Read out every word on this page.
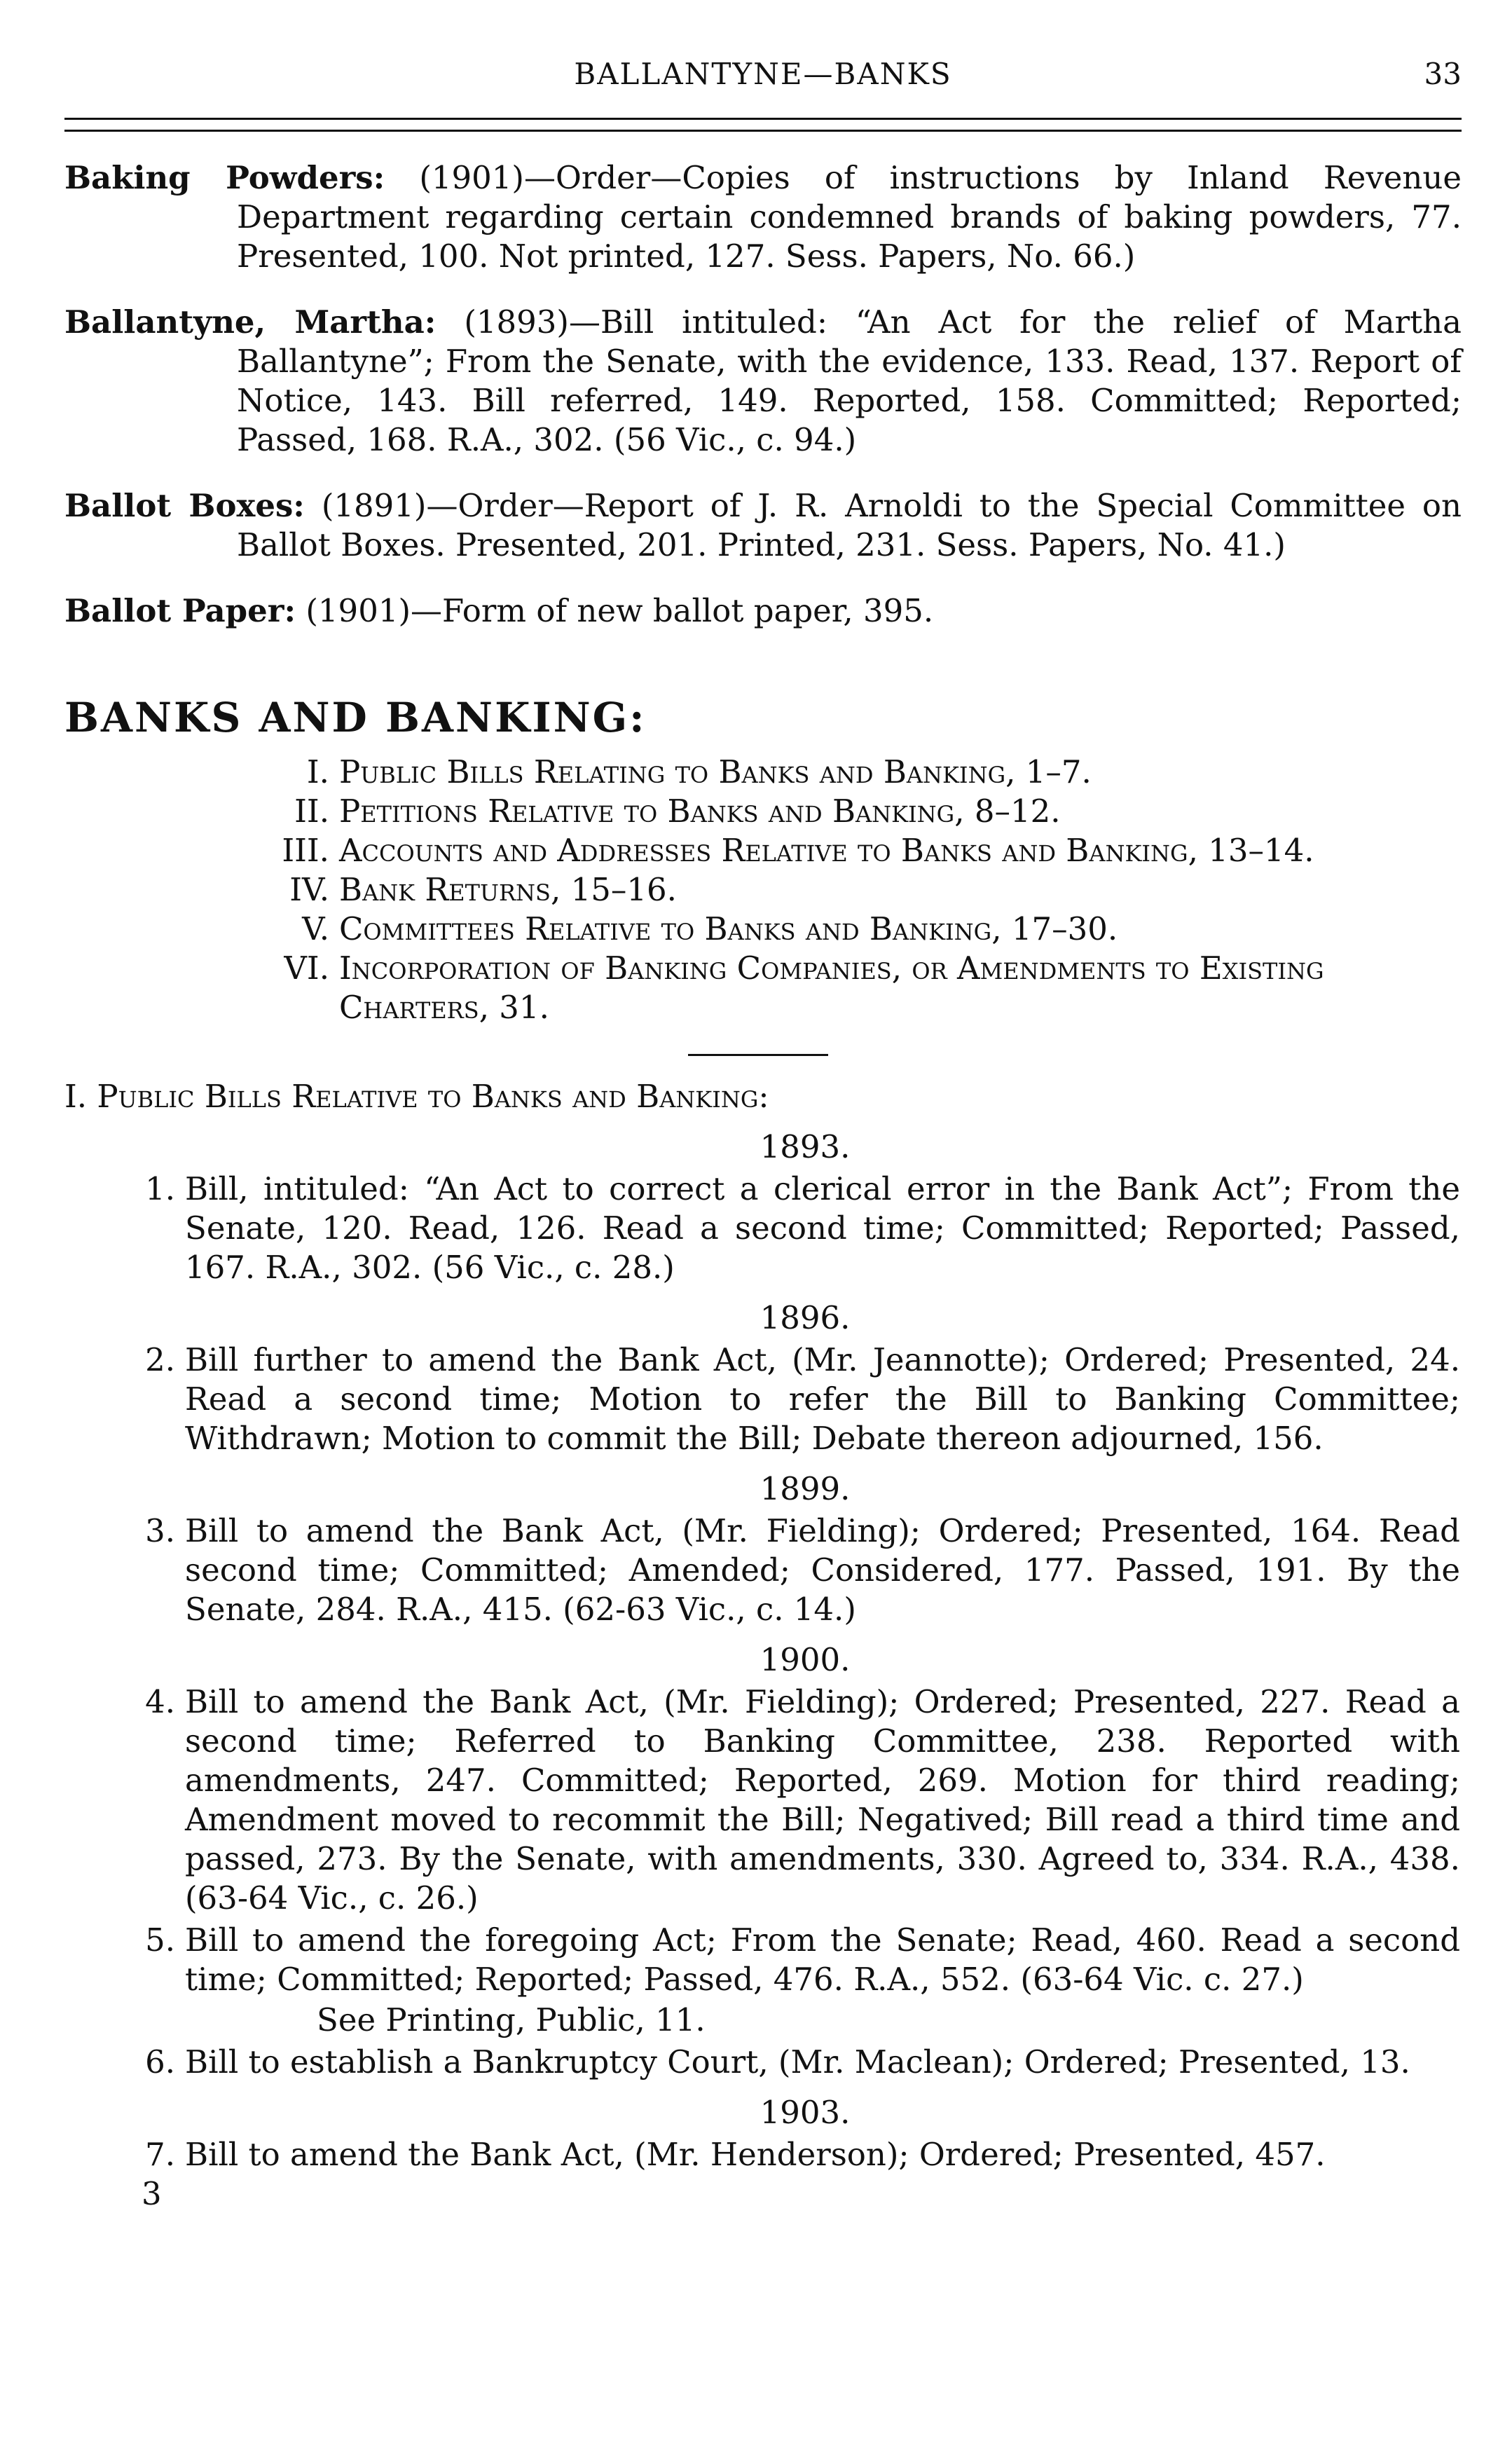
BALLANTYNE—BANKS	33
Baking Powders: (1901)—Order—Copies of instructions by Inland Revenue Department regarding certain condemned brands of baking powders, 77. Presented, 100. Not printed, 127. Sess. Papers, No. 66.)
Ballantyne, Martha: (1893)—Bill intituled: “An Act for the relief of Martha Ballantyne”; From the Senate, with the evidence, 133. Read, 137. Report of Notice, 143. Bill referred, 149. Reported, 158. Committed; Reported; Passed, 168. R.A., 302. (56 Vic., c. 94.)
Ballot Boxes: (1891)—Order—Report of J. R. Arnoldi to the Special Committee on Ballot Boxes. Presented, 201. Printed, 231. Sess. Papers, No. 41.)
Ballot Paper: (1901)—Form of new ballot paper, 395.
BANKS AND BANKING:
I. Public Bills Relating to Banks and Banking, 1–7.
II. Petitions Relative to Banks and Banking, 8–12.
III. Accounts and Addresses Relative to Banks and Banking, 13–14.
IV. Bank Returns, 15–16.
V. Committees Relative to Banks and Banking, 17–30.
VI. Incorporation of Banking Companies, or Amendments to Existing Charters, 31.
I. Public Bills Relative to Banks and Banking:
1893.
1. Bill, intituled: “An Act to correct a clerical error in the Bank Act”; From the Senate, 120. Read, 126. Read a second time; Committed; Reported; Passed, 167. R.A., 302. (56 Vic., c. 28.)
1896.
2. Bill further to amend the Bank Act, (Mr. Jeannotte); Ordered; Presented, 24. Read a second time; Motion to refer the Bill to Banking Committee; Withdrawn; Motion to commit the Bill; Debate thereon adjourned, 156.
1899.
3. Bill to amend the Bank Act, (Mr. Fielding); Ordered; Presented, 164. Read second time; Committed; Amended; Considered, 177. Passed, 191. By the Senate, 284. R.A., 415. (62-63 Vic., c. 14.)
1900.
4. Bill to amend the Bank Act, (Mr. Fielding); Ordered; Presented, 227. Read a second time; Referred to Banking Committee, 238. Reported with amendments, 247. Committed; Reported, 269. Motion for third reading; Amendment moved to recommit the Bill; Negatived; Bill read a third time and passed, 273. By the Senate, with amendments, 330. Agreed to, 334. R.A., 438. (63-64 Vic., c. 26.)
5. Bill to amend the foregoing Act; From the Senate; Read, 460. Read a second time; Committed; Reported; Passed, 476. R.A., 552. (63-64 Vic. c. 27.)
See Printing, Public, 11.
6. Bill to establish a Bankruptcy Court, (Mr. Maclean); Ordered; Presented, 13.
1903.
7. Bill to amend the Bank Act, (Mr. Henderson); Ordered; Presented, 457.
3
